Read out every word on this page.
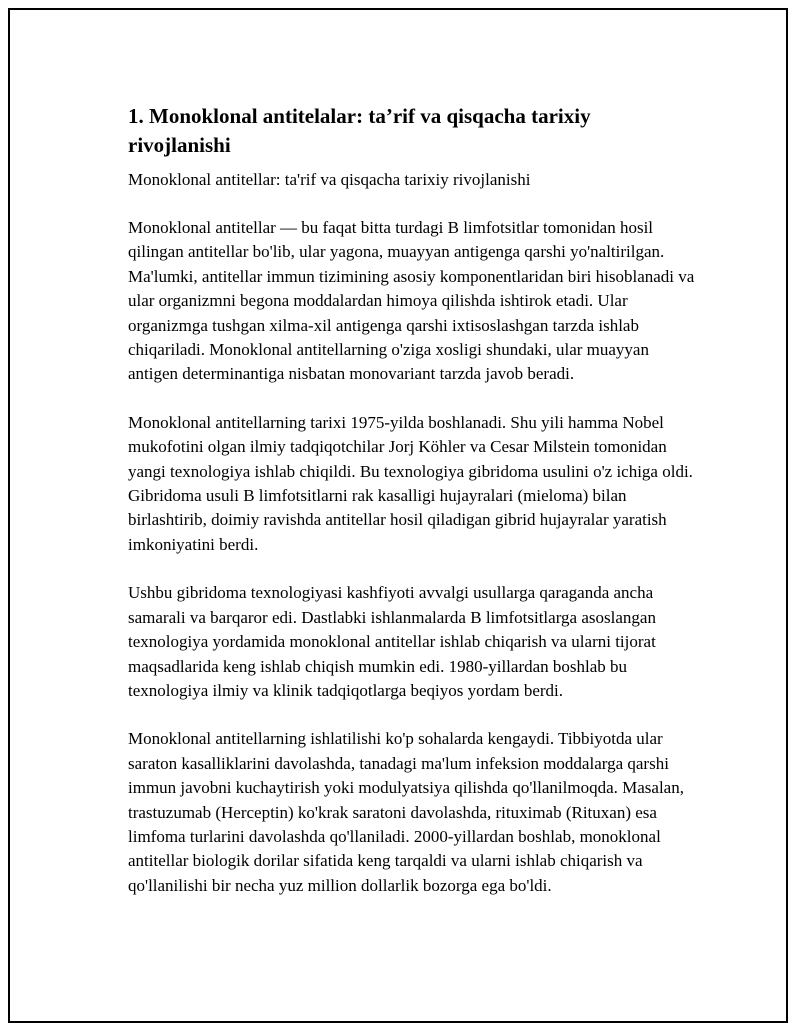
1. Monoklonal antitelalar: ta’rif va qisqacha tarixiy rivojlanishi

Monoklonal antitellar: ta'rif va qisqacha tarixiy rivojlanishi

Monoklonal antitellar — bu faqat bitta turdagi B limfotsitlar tomonidan hosil qilingan antitellar bo'lib, ular yagona, muayyan antigenga qarshi yo'naltirilgan. Ma'lumki, antitellar immun tizimining asosiy komponentlaridan biri hisoblanadi va ular organizmni begona moddalardan himoya qilishda ishtirok etadi. Ular organizmga tushgan xilma-xil antigenga qarshi ixtisoslashgan tarzda ishlab chiqariladi. Monoklonal antitellarning o'ziga xosligi shundaki, ular muayyan antigen determinantiga nisbatan monovariant tarzda javob beradi.

Monoklonal antitellarning tarixi 1975-yilda boshlanadi. Shu yili hamma Nobel mukofotini olgan ilmiy tadqiqotchilar Jorj Köhler va Cesar Milstein tomonidan yangi texnologiya ishlab chiqildi. Bu texnologiya gibridoma usulini o'z ichiga oldi. Gibridoma usuli B limfotsitlarni rak kasalligi hujayralari (mieloma) bilan birlashtirib, doimiy ravishda antitellar hosil qiladigan gibrid hujayralar yaratish imkoniyatini berdi.

Ushbu gibridoma texnologiyasi kashfiyoti avvalgi usullarga qaraganda ancha samarali va barqaror edi. Dastlabki ishlanmalarda B limfotsitlarga asoslangan texnologiya yordamida monoklonal antitellar ishlab chiqarish va ularni tijorat maqsadlarida keng ishlab chiqish mumkin edi. 1980-yillardan boshlab bu texnologiya ilmiy va klinik tadqiqotlarga beqiyos yordam berdi.

Monoklonal antitellarning ishlatilishi ko'p sohalarda kengaydi. Tibbiyotda ular saraton kasalliklarini davolashda, tanadagi ma'lum infeksion moddalarga qarshi immun javobni kuchaytirish yoki modulyatsiya qilishda qo'llanilmoqda. Masalan, trastuzumab (Herceptin) ko'krak saratoni davolashda, rituximab (Rituxan) esa limfoma turlarini davolashda qo'llaniladi. 2000-yillardan boshlab, monoklonal antitellar biologik dorilar sifatida keng tarqaldi va ularni ishlab chiqarish va qo'llanilishi bir necha yuz million dollarlik bozorga ega bo'ldi.
